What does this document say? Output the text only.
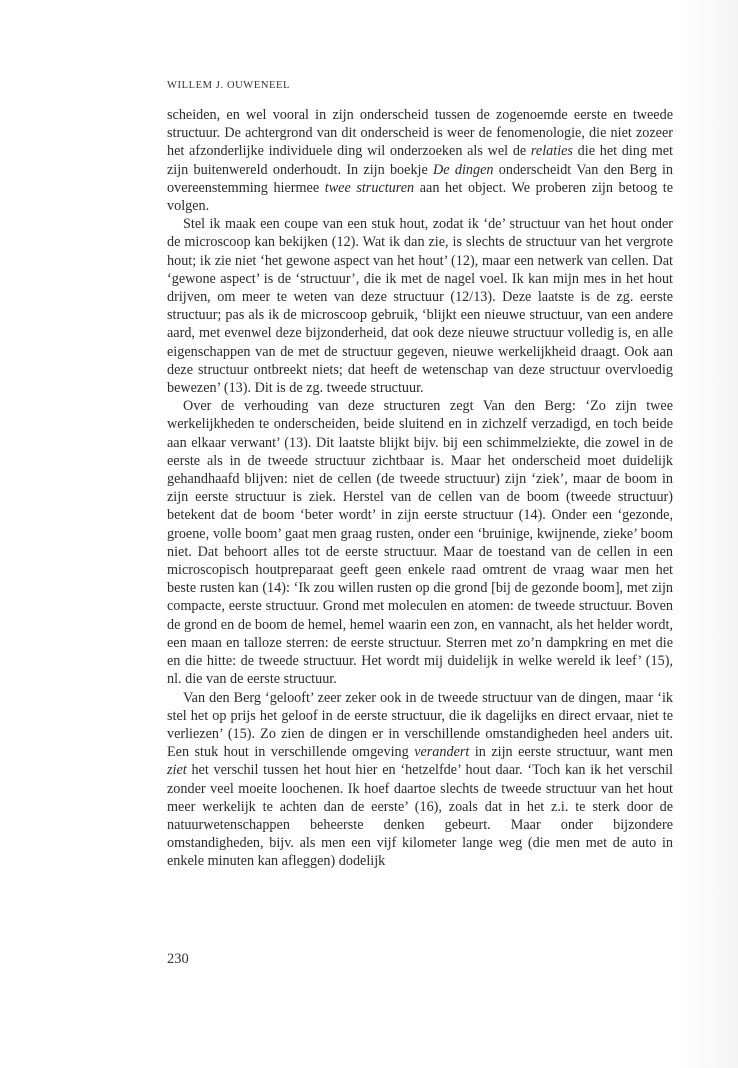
WILLEM J. OUWENEEL

scheiden, en wel vooral in zijn onderscheid tussen de zogenoemde eerste en tweede structuur. De achtergrond van dit onderscheid is weer de fenomenologie, die niet zozeer het afzonderlijke individuele ding wil onderzoeken als wel de relaties die het ding met zijn buitenwereld onderhoudt. In zijn boekje De dingen onderscheidt Van den Berg in overeenstemming hiermee twee structuren aan het object. We proberen zijn betoog te volgen.

Stel ik maak een coupe van een stuk hout, zodat ik ‘de’ structuur van het hout onder de microscoop kan bekijken (12). Wat ik dan zie, is slechts de structuur van het vergrote hout; ik zie niet ‘het gewone aspect van het hout’ (12), maar een netwerk van cellen. Dat ‘gewone aspect’ is de ‘structuur’, die ik met de nagel voel. Ik kan mijn mes in het hout drijven, om meer te weten van deze structuur (12/13). Deze laatste is de zg. eerste structuur; pas als ik de microscoop gebruik, ‘blijkt een nieuwe structuur, van een andere aard, met evenwel deze bijzonderheid, dat ook deze nieuwe structuur volledig is, en alle eigenschappen van de met de structuur gegeven, nieuwe werkelijkheid draagt. Ook aan deze structuur ontbreekt niets; dat heeft de wetenschap van deze structuur overvloedig bewezen’ (13). Dit is de zg. tweede structuur.

Over de verhouding van deze structuren zegt Van den Berg: ‘Zo zijn twee werkelijkheden te onderscheiden, beide sluitend en in zichzelf verzadigd, en toch beide aan elkaar verwant’ (13). Dit laatste blijkt bijv. bij een schimmelziekte, die zowel in de eerste als in de tweede structuur zichtbaar is. Maar het onderscheid moet duidelijk gehandhaafd blijven: niet de cellen (de tweede structuur) zijn ‘ziek’, maar de boom in zijn eerste structuur is ziek. Herstel van de cellen van de boom (tweede structuur) betekent dat de boom ‘beter wordt’ in zijn eerste structuur (14). Onder een ‘gezonde, groene, volle boom’ gaat men graag rusten, onder een ‘bruinige, kwijnende, zieke’ boom niet. Dat behoort alles tot de eerste structuur. Maar de toestand van de cellen in een microscopisch houtpreparaat geeft geen enkele raad omtrent de vraag waar men het beste rusten kan (14): ‘Ik zou willen rusten op die grond [bij de gezonde boom], met zijn compacte, eerste structuur. Grond met moleculen en atomen: de tweede structuur. Boven de grond en de boom de hemel, hemel waarin een zon, en vannacht, als het helder wordt, een maan en talloze sterren: de eerste structuur. Sterren met zo’n dampkring en met die en die hitte: de tweede structuur. Het wordt mij duidelijk in welke wereld ik leef’ (15), nl. die van de eerste structuur.

Van den Berg ‘gelooft’ zeer zeker ook in de tweede structuur van de dingen, maar ‘ik stel het op prijs het geloof in de eerste structuur, die ik dagelijks en direct ervaar, niet te verliezen’ (15). Zo zien de dingen er in verschillende omstandigheden heel anders uit. Een stuk hout in verschillende omgeving verandert in zijn eerste structuur, want men ziet het verschil tussen het hout hier en ‘hetzelfde’ hout daar. ‘Toch kan ik het verschil zonder veel moeite loochenen. Ik hoef daartoe slechts de tweede structuur van het hout meer werkelijk te achten dan de eerste’ (16), zoals dat in het z.i. te sterk door de natuurwetenschappen beheerste denken gebeurt. Maar onder bijzondere omstandigheden, bijv. als men een vijf kilometer lange weg (die men met de auto in enkele minuten kan afleggen) dodelijk

230
